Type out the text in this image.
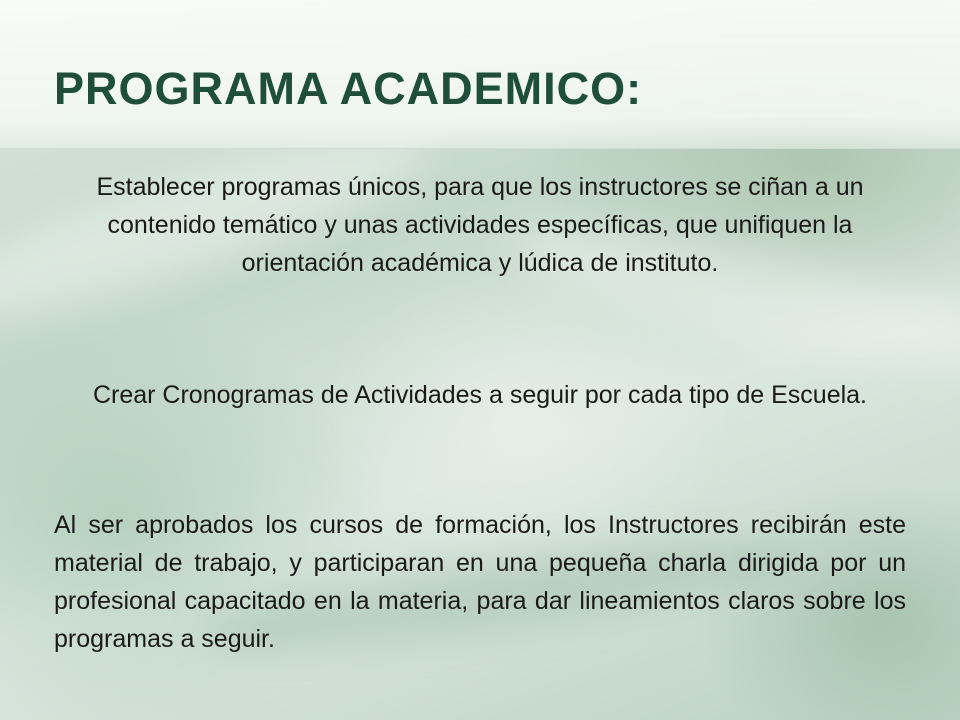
PROGRAMA ACADEMICO:

Establecer programas únicos, para que los instructores se ciñan a un contenido temático y unas actividades específicas, que unifiquen la orientación académica y lúdica de instituto.

Crear Cronogramas de Actividades a seguir por cada tipo de Escuela.

Al ser aprobados los cursos de formación, los Instructores recibirán este material de trabajo, y participaran en una pequeña charla dirigida por un profesional capacitado en la materia, para dar lineamientos claros sobre los programas a seguir.
